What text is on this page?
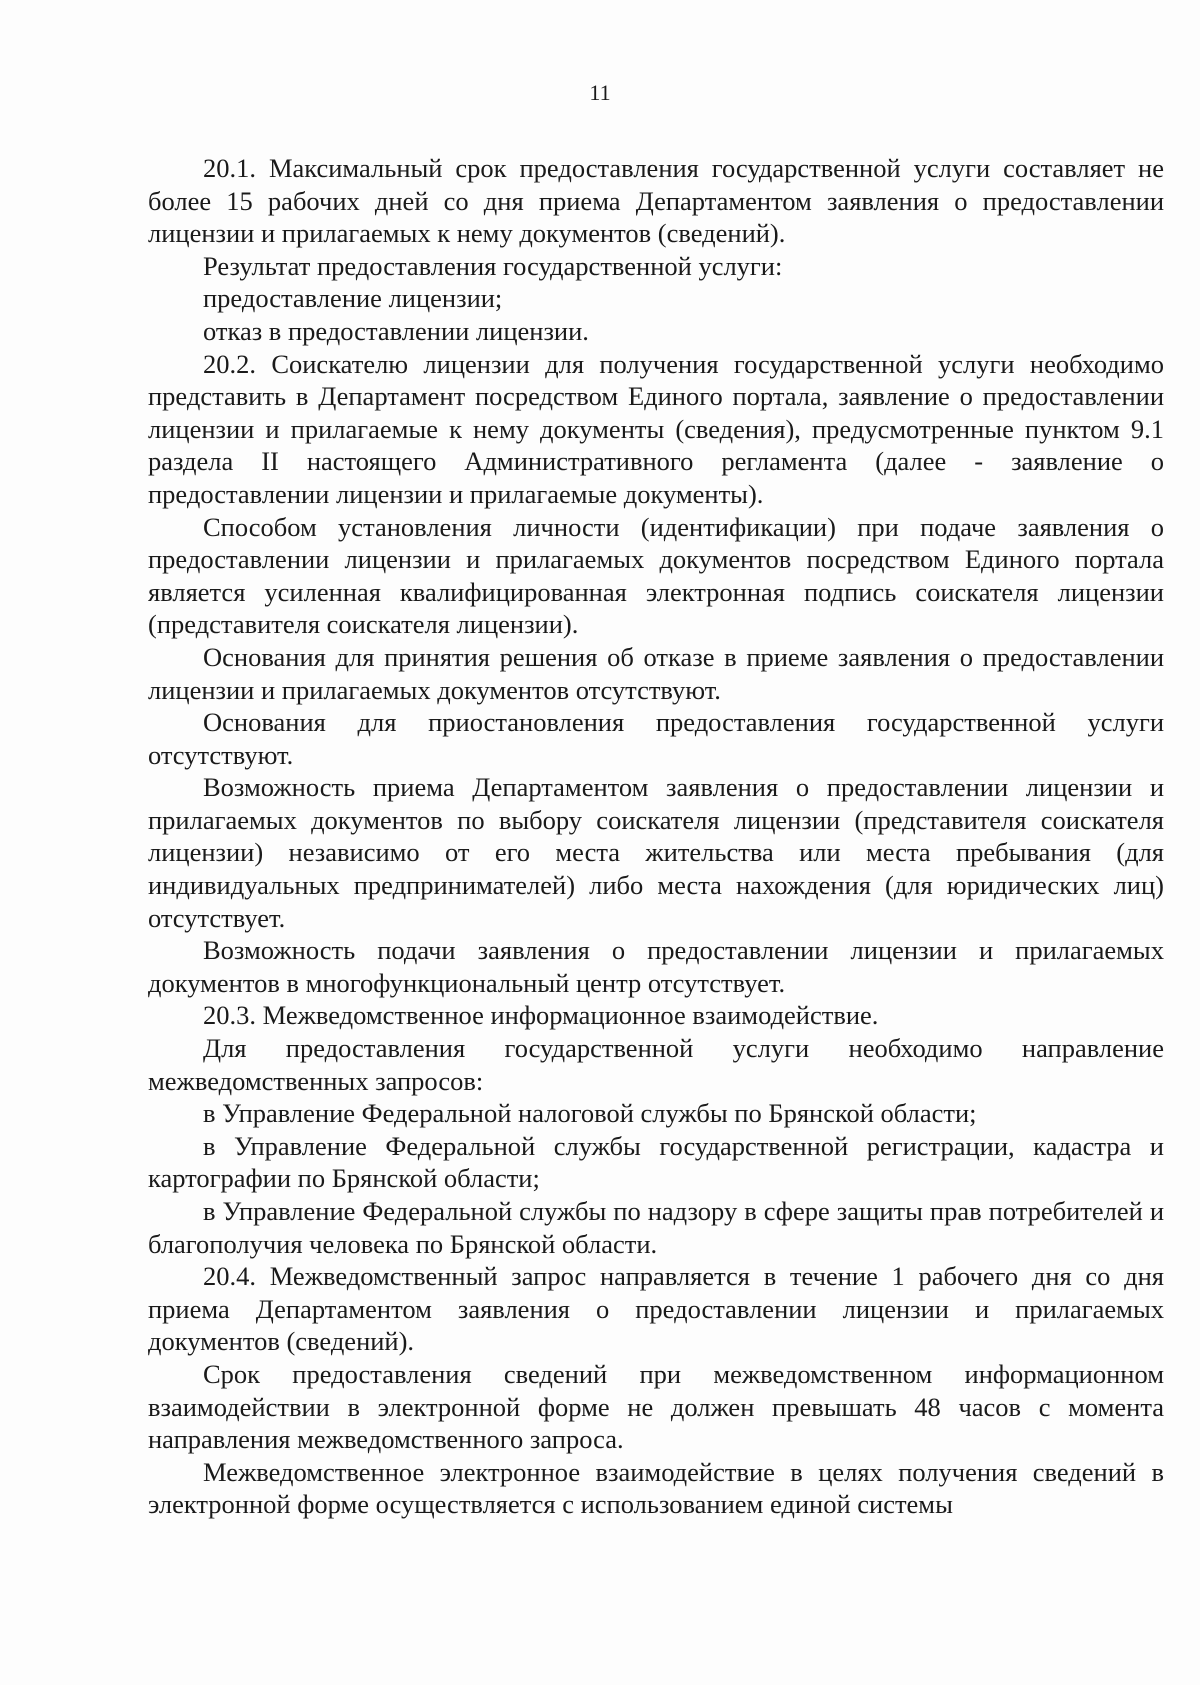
11

20.1. Максимальный срок предоставления государственной услуги составляет не более 15 рабочих дней со дня приема Департаментом заявления о предоставлении лицензии и прилагаемых к нему документов (сведений).

Результат предоставления государственной услуги:

предоставление лицензии;

отказ в предоставлении лицензии.

20.2. Соискателю лицензии для получения государственной услуги необходимо представить в Департамент посредством Единого портала, заявление о предоставлении лицензии и прилагаемые к нему документы (сведения), предусмотренные пунктом 9.1 раздела II настоящего Административного регламента (далее - заявление о предоставлении лицензии и прилагаемые документы).

Способом установления личности (идентификации) при подаче заявления о предоставлении лицензии и прилагаемых документов посредством Единого портала является усиленная квалифицированная электронная подпись соискателя лицензии (представителя соискателя лицензии).

Основания для принятия решения об отказе в приеме заявления о предоставлении лицензии и прилагаемых документов отсутствуют.

Основания для приостановления предоставления государственной услуги отсутствуют.

Возможность приема Департаментом заявления о предоставлении лицензии и прилагаемых документов по выбору соискателя лицензии (представителя соискателя лицензии) независимо от его места жительства или места пребывания (для индивидуальных предпринимателей) либо места нахождения (для юридических лиц) отсутствует.

Возможность подачи заявления о предоставлении лицензии и прилагаемых документов в многофункциональный центр отсутствует.

20.3. Межведомственное информационное взаимодействие.

Для предоставления государственной услуги необходимо направление межведомственных запросов:

в Управление Федеральной налоговой службы по Брянской области;

в Управление Федеральной службы государственной регистрации, кадастра и картографии по Брянской области;

в Управление Федеральной службы по надзору в сфере защиты прав потребителей и благополучия человека по Брянской области.

20.4. Межведомственный запрос направляется в течение 1 рабочего дня со дня приема Департаментом заявления о предоставлении лицензии и прилагаемых документов (сведений).

Срок предоставления сведений при межведомственном информационном взаимодействии в электронной форме не должен превышать 48 часов с момента направления межведомственного запроса.

Межведомственное электронное взаимодействие в целях получения сведений в электронной форме осуществляется с использованием единой системы
